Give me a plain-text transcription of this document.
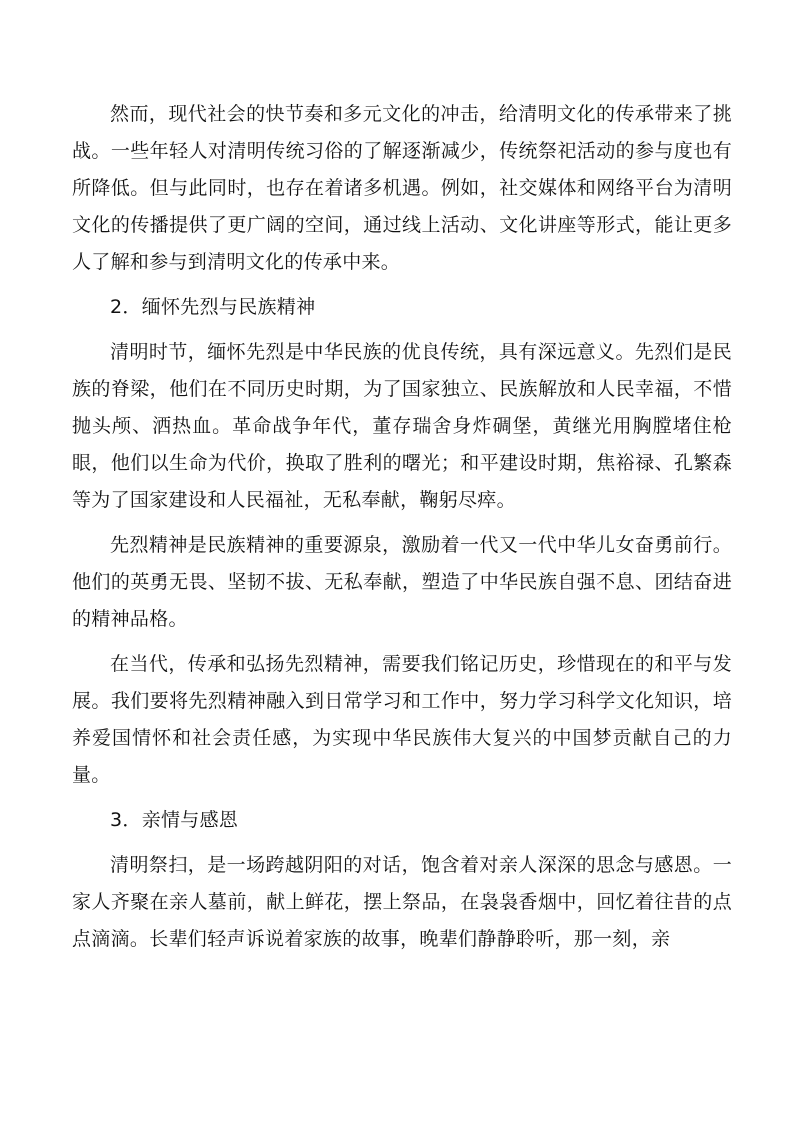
然而，现代社会的快节奏和多元文化的冲击，给清明文化的传承带来了挑战。一些年轻人对清明传统习俗的了解逐渐减少，传统祭祀活动的参与度也有所降低。但与此同时，也存在着诸多机遇。例如，社交媒体和网络平台为清明文化的传播提供了更广阔的空间，通过线上活动、文化讲座等形式，能让更多人了解和参与到清明文化的传承中来。

2．缅怀先烈与民族精神

清明时节，缅怀先烈是中华民族的优良传统，具有深远意义。先烈们是民族的脊梁，他们在不同历史时期，为了国家独立、民族解放和人民幸福，不惜抛头颅、洒热血。革命战争年代，董存瑞舍身炸碉堡，黄继光用胸膛堵住枪眼，他们以生命为代价，换取了胜利的曙光；和平建设时期，焦裕禄、孔繁森等为了国家建设和人民福祉，无私奉献，鞠躬尽瘁。

先烈精神是民族精神的重要源泉，激励着一代又一代中华儿女奋勇前行。他们的英勇无畏、坚韧不拔、无私奉献，塑造了中华民族自强不息、团结奋进的精神品格。

在当代，传承和弘扬先烈精神，需要我们铭记历史，珍惜现在的和平与发展。我们要将先烈精神融入到日常学习和工作中，努力学习科学文化知识，培养爱国情怀和社会责任感，为实现中华民族伟大复兴的中国梦贡献自己的力量。

3．亲情与感恩

清明祭扫，是一场跨越阴阳的对话，饱含着对亲人深深的思念与感恩。一家人齐聚在亲人墓前，献上鲜花，摆上祭品，在袅袅香烟中，回忆着往昔的点点滴滴。长辈们轻声诉说着家族的故事，晚辈们静静聆听，那一刻，亲
